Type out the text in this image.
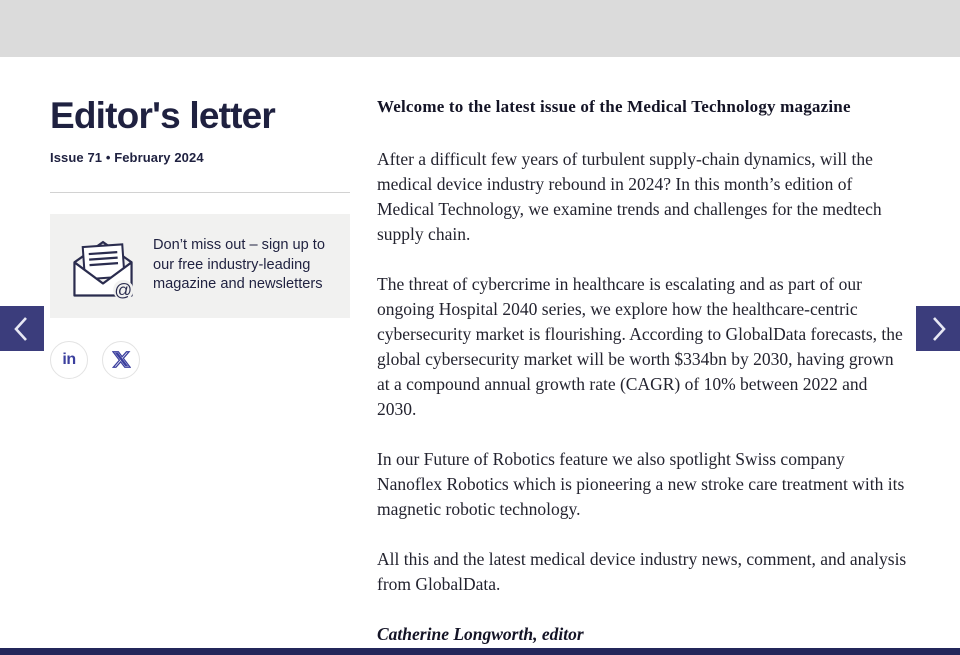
Editor's letter
Issue 71 • February 2024
@
Don’t miss out – sign up to our free industry-leading magazine and newsletters
in

Welcome to the latest issue of the Medical Technology magazine

After a difficult few years of turbulent supply-chain dynamics, will the medical device industry rebound in 2024? In this month’s edition of Medical Technology, we examine trends and challenges for the medtech supply chain.

The threat of cybercrime in healthcare is escalating and as part of our ongoing Hospital 2040 series, we explore how the healthcare-centric cybersecurity market is flourishing. According to GlobalData forecasts, the global cybersecurity market will be worth $334bn by 2030, having grown at a compound annual growth rate (CAGR) of 10% between 2022 and 2030.

In our Future of Robotics feature we also spotlight Swiss company Nanoflex Robotics which is pioneering a new stroke care treatment with its magnetic robotic technology.

All this and the latest medical device industry news, comment, and analysis from GlobalData.

Catherine Longworth, editor
